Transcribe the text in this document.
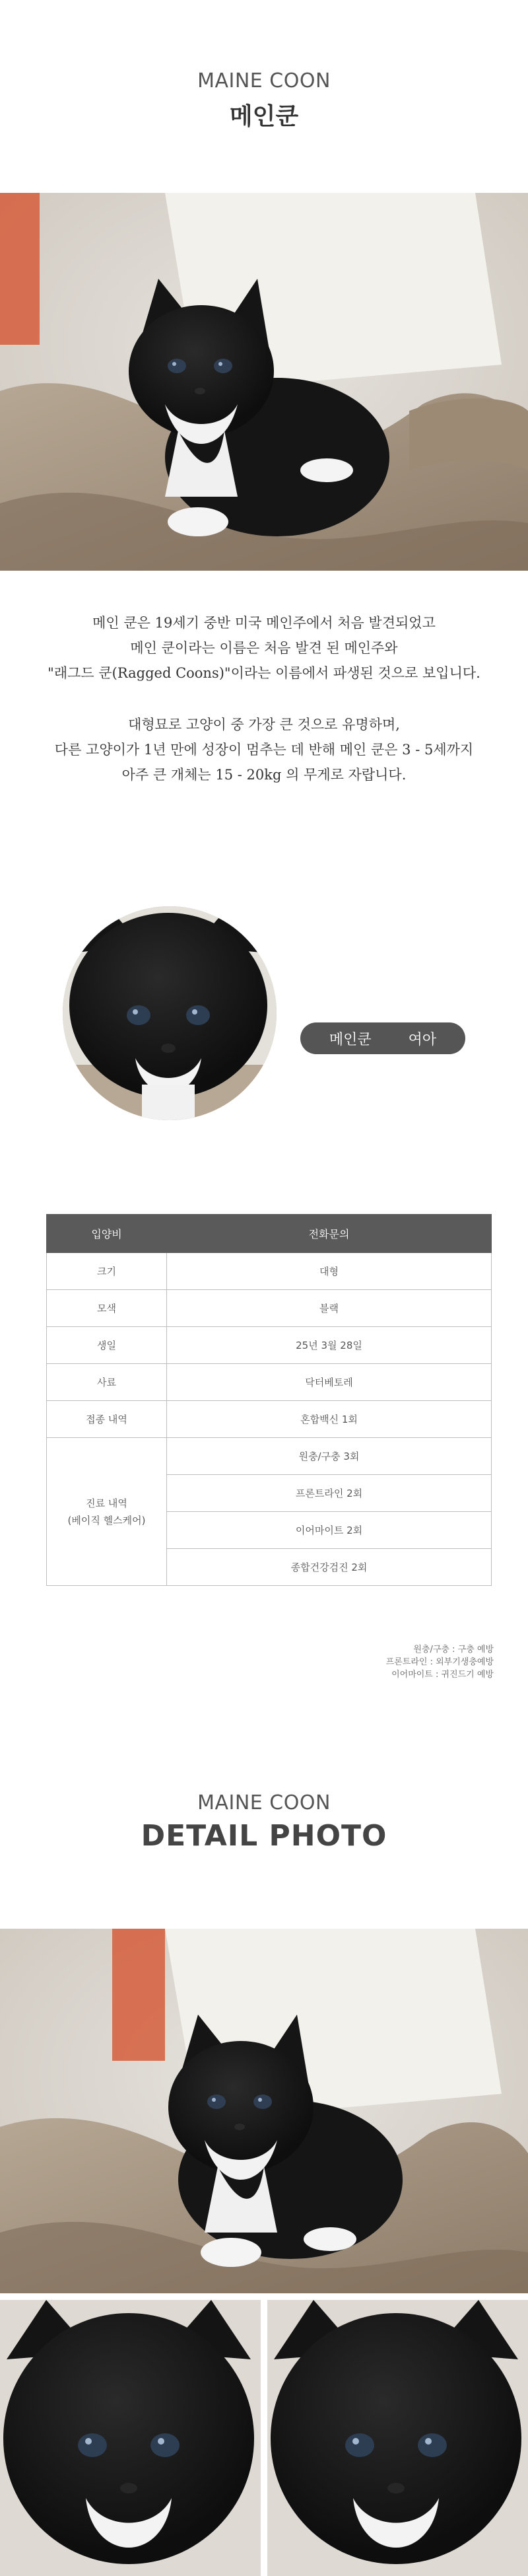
MAINE COON
메인쿤
메인 쿤은 19세기 중반 미국 메인주에서 처음 발견되었고
메인 쿤이라는 이름은 처음 발견 된 메인주와
"래그드 쿤(Ragged Coons)"이라는 이름에서 파생된 것으로 보입니다.
대형묘로 고양이 중 가장 큰 것으로 유명하며,
다른 고양이가 1년 만에 성장이 멈추는 데 반해 메인 쿤은 3 - 5세까지
아주 큰 개체는 15 - 20kg 의 무게로 자랍니다.
메인쿤	여아
입양비	전화문의
크기	대형
모색	블랙
생일	25년 3월 28일
사료	닥터베토레
접종 내역	혼합백신 1회

진료 내역
(베이직 헬스케어)	원충/구충 3회
	프론트라인 2회
	이어마이트 2회
	종합건강검진 2회
원충/구충 : 구충 예방
프론트라인 : 외부기생충예방
이어마이트 : 귀진드기 예방
MAINE COON
DETAIL PHOTO
